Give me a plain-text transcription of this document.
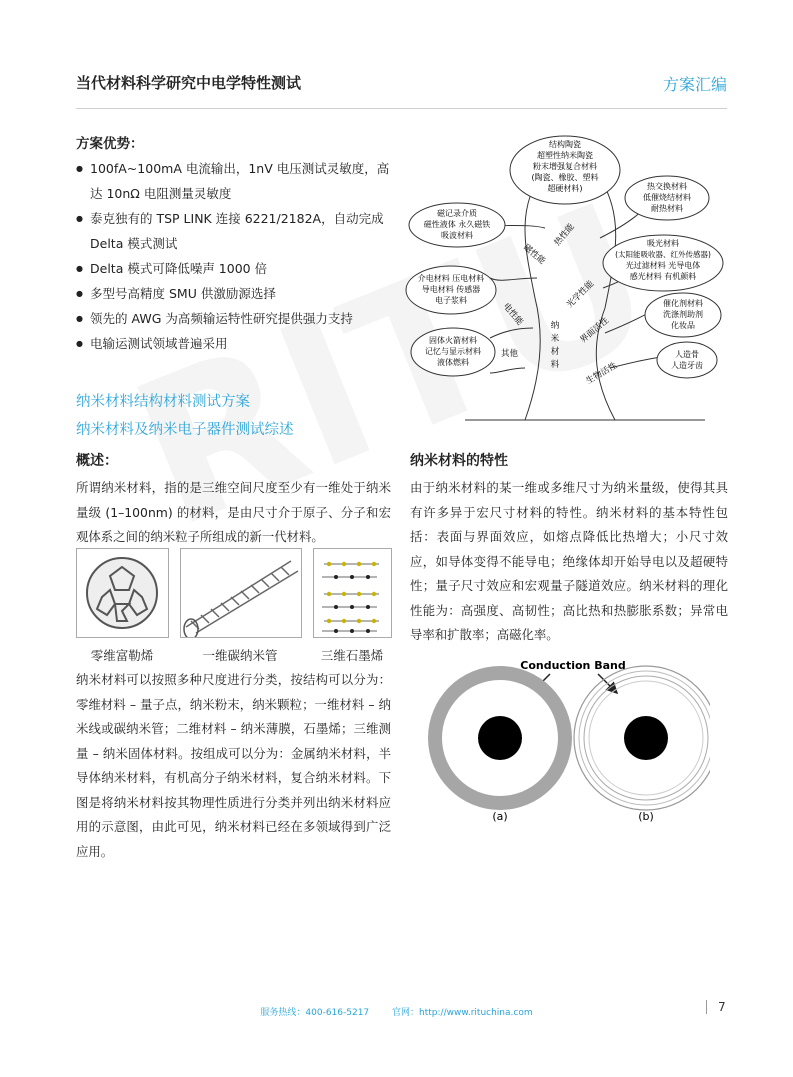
当代材料科学研究中电学特性测试	方案汇编
方案优势：
● 100fA~100mA 电流输出，1nV 电压测试灵敏度，高达 10nΩ 电阻测量灵敏度
● 泰克独有的 TSP LINK 连接 6221/2182A，自动完成 Delta 模式测试
● Delta 模式可降低噪声 1000 倍
● 多型号高精度 SMU 供激励源选择
● 领先的 AWG 为高频输运特性研究提供强力支持
● 电输运测试领域普遍采用
结构陶瓷
超塑性纳米陶瓷
粉末增强复合材料
(陶瓷、橡胶、塑料
超硬材料)	热交换材料
低催烧结材料
耐热材料
磁记录介质
磁性液体 永久磁铁
吸波材料
吸光材料
(太阳能吸收器、红外传感器)
光过滤材料 光导电体
感光材料 有机颜料
介电材料 压电材料
导电材料 传感器
电子浆料	催化剂材料
洗涤剂助剂
化妆品
固体火箭材料
记忆与显示材料
液体燃料
人造骨
人造牙齿
热性能
磁性能
电性能
光学性能
界面活性
生物活性
其他
纳米材料
纳米材料结构材料测试方案
纳米材料及纳米电子器件测试综述
概述：

所谓纳米材料，指的是三维空间尺度至少有一维处于纳米量级 (1–100nm) 的材料，是由尺寸介于原子、分子和宏观体系之间的纳米粒子所组成的新一代材料。

零维富勒烯	一维碳纳米管	三维石墨烯

纳米材料可以按照多种尺度进行分类，按结构可以分为：零维材料 – 量子点，纳米粉末，纳米颗粒；一维材料 – 纳米线或碳纳米管；二维材料 – 纳米薄膜，石墨烯；三维测量 – 纳米固体材料。按组成可以分为：金属纳米材料，半导体纳米材料，有机高分子纳米材料，复合纳米材料。下图是将纳米材料按其物理性质进行分类并列出纳米材料应用的示意图，由此可见，纳米材料已经在多领域得到广泛应用。

纳米材料的特性

由于纳米材料的某一维或多维尺寸为纳米量级，使得其具有许多异于宏尺寸材料的特性。纳米材料的基本特性包括：表面与界面效应，如熔点降低比热增大；小尺寸效应，如导体变得不能导电；绝缘体却开始导电以及超硬特性；量子尺寸效应和宏观量子隧道效应。纳米材料的理化性能为：高强度、高韧性；高比热和热膨胀系数；异常电导率和扩散率；高磁化率。

Conduction Band
(a)	(b)
服务热线：400-616-5217	官网：http://www.rituchina.com	7
